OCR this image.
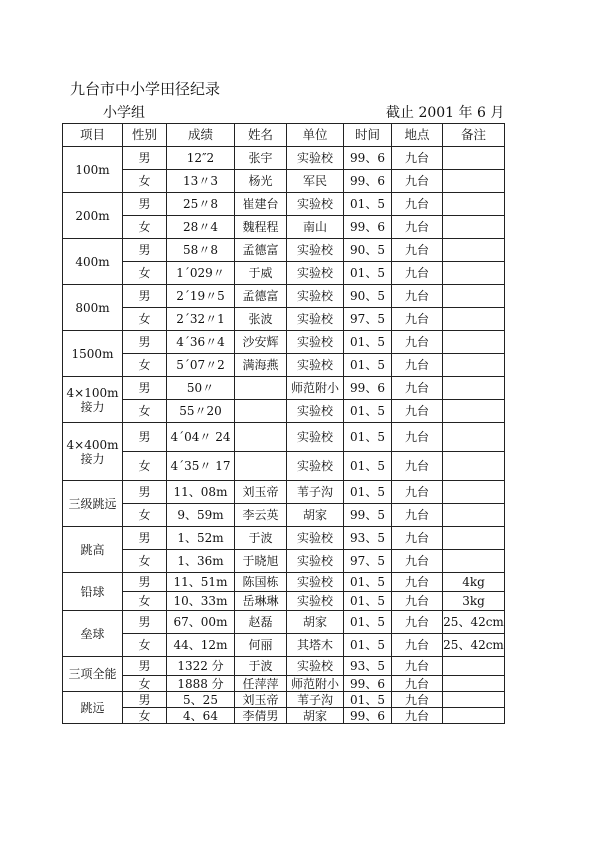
九台市中小学田径纪录
小学组	截止 2001 年 6 月
项目	性别	成绩	姓名	单位	时间	地点	备注
100m	男	12″2	张宇	实验校	99、6	九台	
	女	13〃3	杨光	军民	99、6	九台	
200m	男	25〃8	崔建台	实验校	01、5	九台	
	女	28〃4	魏程程	南山	99、6	九台	
400m	男	58〃8	孟德富	实验校	90、5	九台	
	女	1´029〃	于威	实验校	01、5	九台	
800m	男	2´19〃5	孟德富	实验校	90、5	九台	
	女	2´32〃1	张波	实验校	97、5	九台	
1500m	男	4´36〃4	沙安辉	实验校	01、5	九台	
	女	5´07〃2	满海燕	实验校	01、5	九台	
4×100m 接力	男	50〃		师范附小	99、6	九台	
	女	55〃20		实验校	01、5	九台	
4×400m 接力	男	4´04〃 24		实验校	01、5	九台	
	女	4´35〃 17		实验校	01、5	九台	
三级跳远	男	11、08m	刘玉帝	苇子沟	01、5	九台	
	女	9、59m	李云英	胡家	99、5	九台	
跳高	男	1、52m	于波	实验校	93、5	九台	
	女	1、36m	于晓旭	实验校	97、5	九台	
铅球	男	11、51m	陈国栋	实验校	01、5	九台	4kg
	女	10、33m	岳琳琳	实验校	01、5	九台	3kg
垒球	男	67、00m	赵磊	胡家	01、5	九台	25、42cm
	女	44、12m	何丽	其塔木	01、5	九台	25、42cm
三项全能	男	1322 分	于波	实验校	93、5	九台	
	女	1888 分	任萍萍	师范附小	99、6	九台	
跳远	男	5、25	刘玉帝	苇子沟	01、5	九台	
	女	4、64	李倩男	胡家	99、6	九台	
